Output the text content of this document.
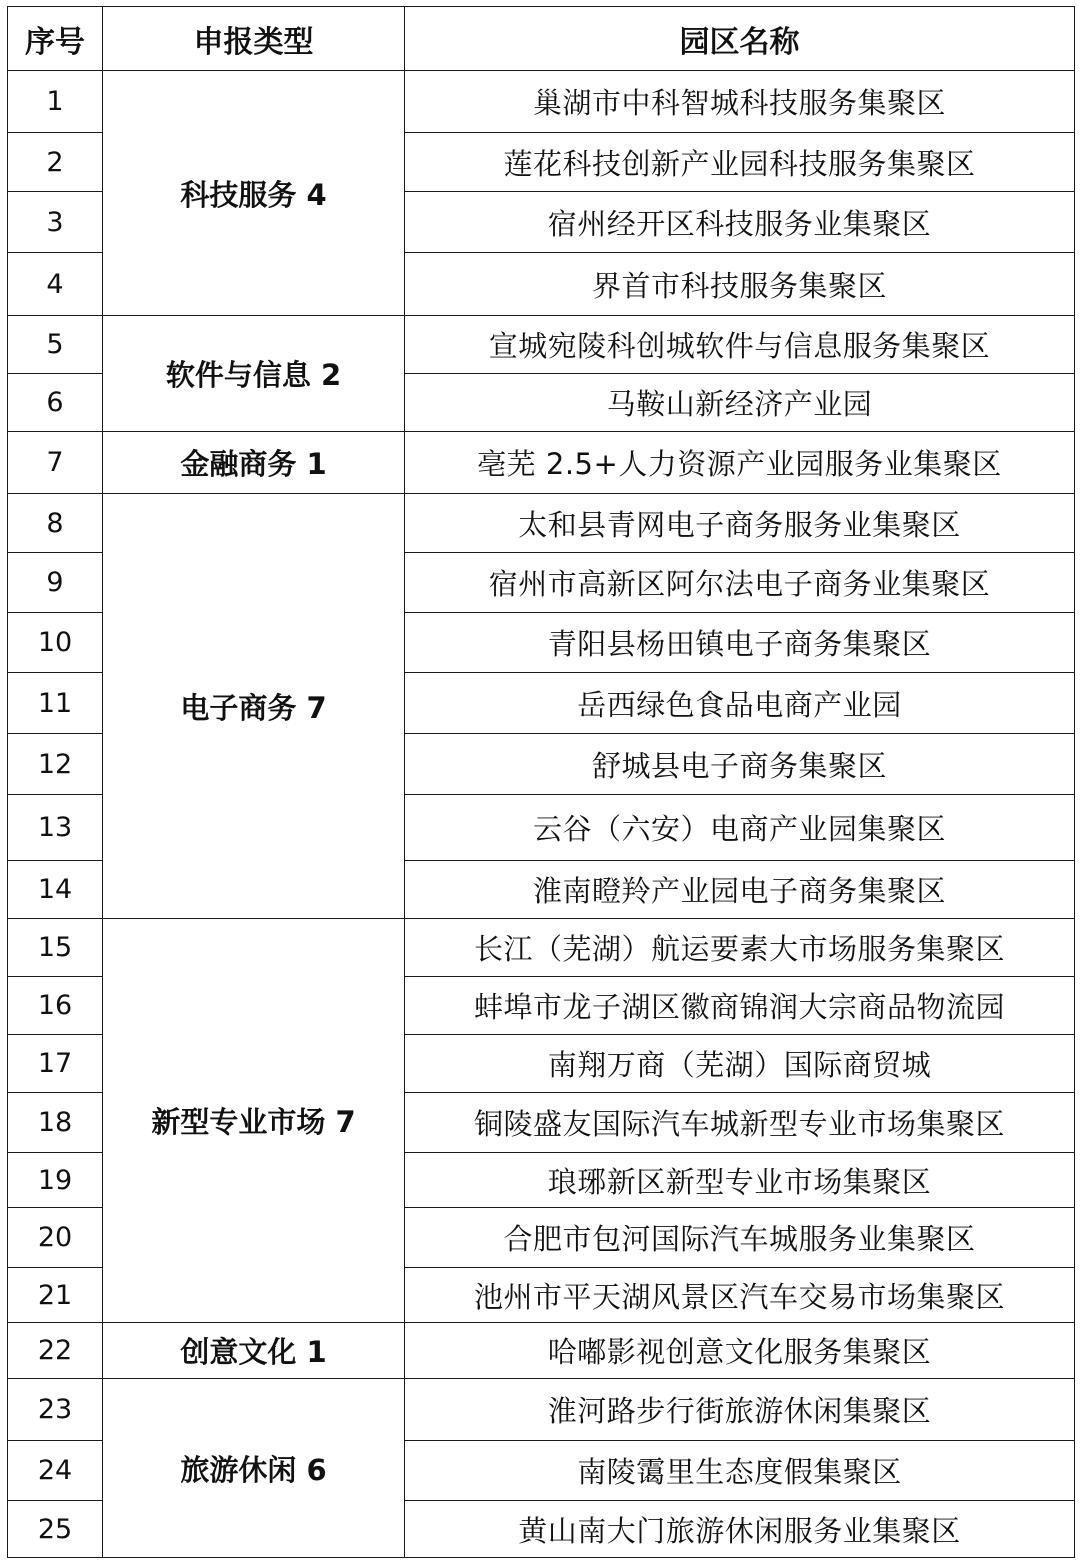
序号	申报类型	园区名称
1	科技服务 4	巢湖市中科智城科技服务集聚区
2		莲花科技创新产业园科技服务集聚区
3		宿州经开区科技服务业集聚区
4		界首市科技服务集聚区
5	软件与信息 2	宣城宛陵科创城软件与信息服务集聚区
6		马鞍山新经济产业园
7	金融商务 1	亳芜 2.5+人力资源产业园服务业集聚区
8	电子商务 7	太和县青网电子商务服务业集聚区
9		宿州市高新区阿尔法电子商务业集聚区
10		青阳县杨田镇电子商务集聚区
11		岳西绿色食品电商产业园
12		舒城县电子商务集聚区
13		云谷（六安）电商产业园集聚区
14		淮南瞪羚产业园电子商务集聚区
15	新型专业市场 7	长江（芜湖）航运要素大市场服务集聚区
16		蚌埠市龙子湖区徽商锦润大宗商品物流园
17		南翔万商（芜湖）国际商贸城
18		铜陵盛友国际汽车城新型专业市场集聚区
19		琅琊新区新型专业市场集聚区
20		合肥市包河国际汽车城服务业集聚区
21		池州市平天湖风景区汽车交易市场集聚区
22	创意文化 1	哈嘟影视创意文化服务集聚区
23	旅游休闲 6	淮河路步行街旅游休闲集聚区
24		南陵霭里生态度假集聚区
25		黄山南大门旅游休闲服务业集聚区
